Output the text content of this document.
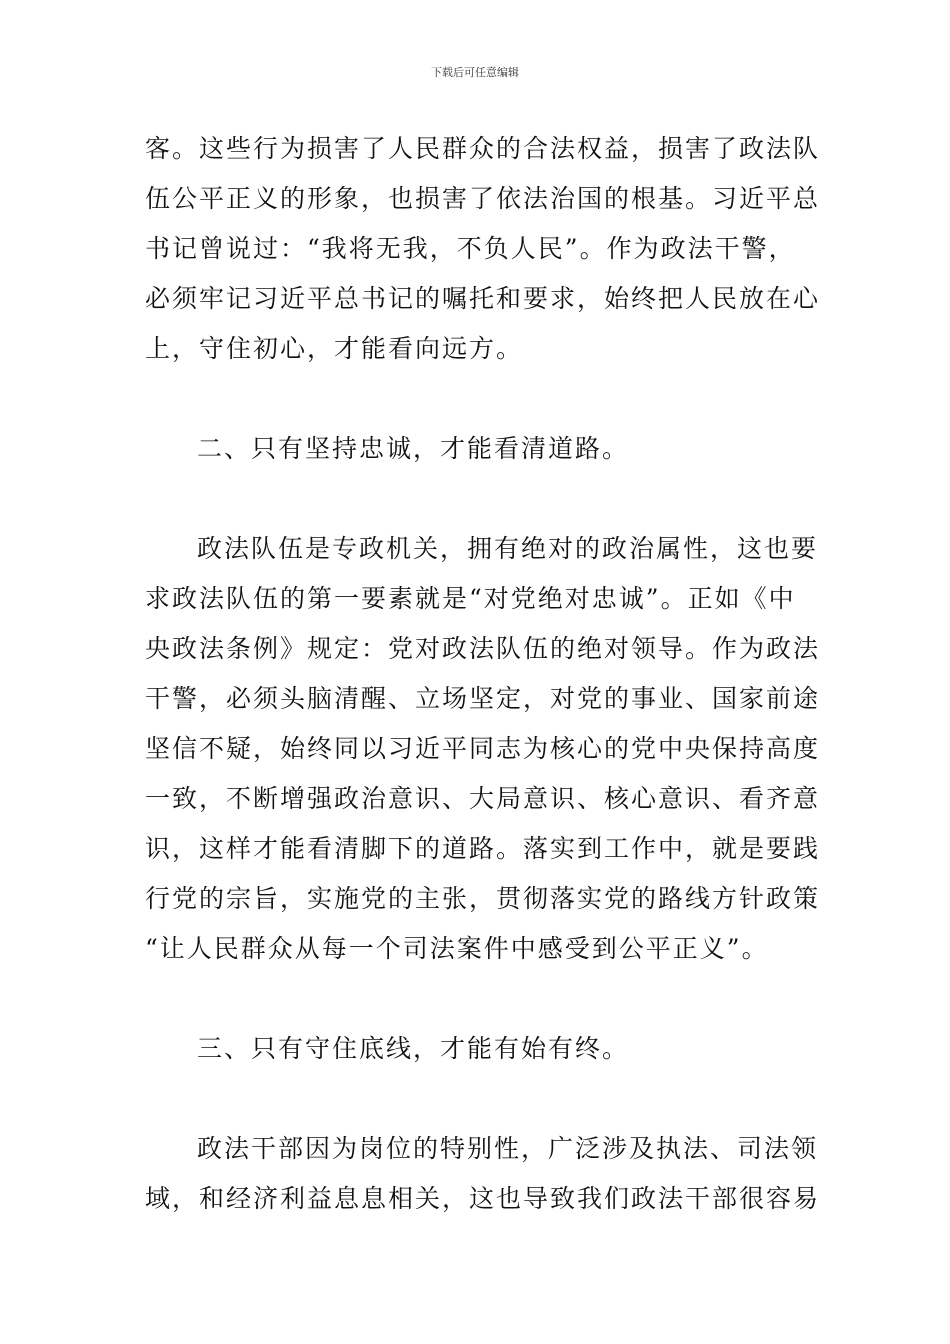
下载后可任意编辑
客。这些行为损害了人民群众的合法权益，损害了政法队
伍公平正义的形象，也损害了依法治国的根基。习近平总
书记曾说过：“我将无我，不负人民”。作为政法干警，
必须牢记习近平总书记的嘱托和要求，始终把人民放在心
上，守住初心，才能看向远方。
二、只有坚持忠诚，才能看清道路。
政法队伍是专政机关，拥有绝对的政治属性，这也要
求政法队伍的第一要素就是“对党绝对忠诚”。正如《中
央政法条例》规定：党对政法队伍的绝对领导。作为政法
干警，必须头脑清醒、立场坚定，对党的事业、国家前途
坚信不疑，始终同以习近平同志为核心的党中央保持高度
一致，不断增强政治意识、大局意识、核心意识、看齐意
识，这样才能看清脚下的道路。落实到工作中，就是要践
行党的宗旨，实施党的主张，贯彻落实党的路线方针政策
“让人民群众从每一个司法案件中感受到公平正义”。
三、只有守住底线，才能有始有终。
政法干部因为岗位的特别性，广泛涉及执法、司法领
域，和经济利益息息相关，这也导致我们政法干部很容易
